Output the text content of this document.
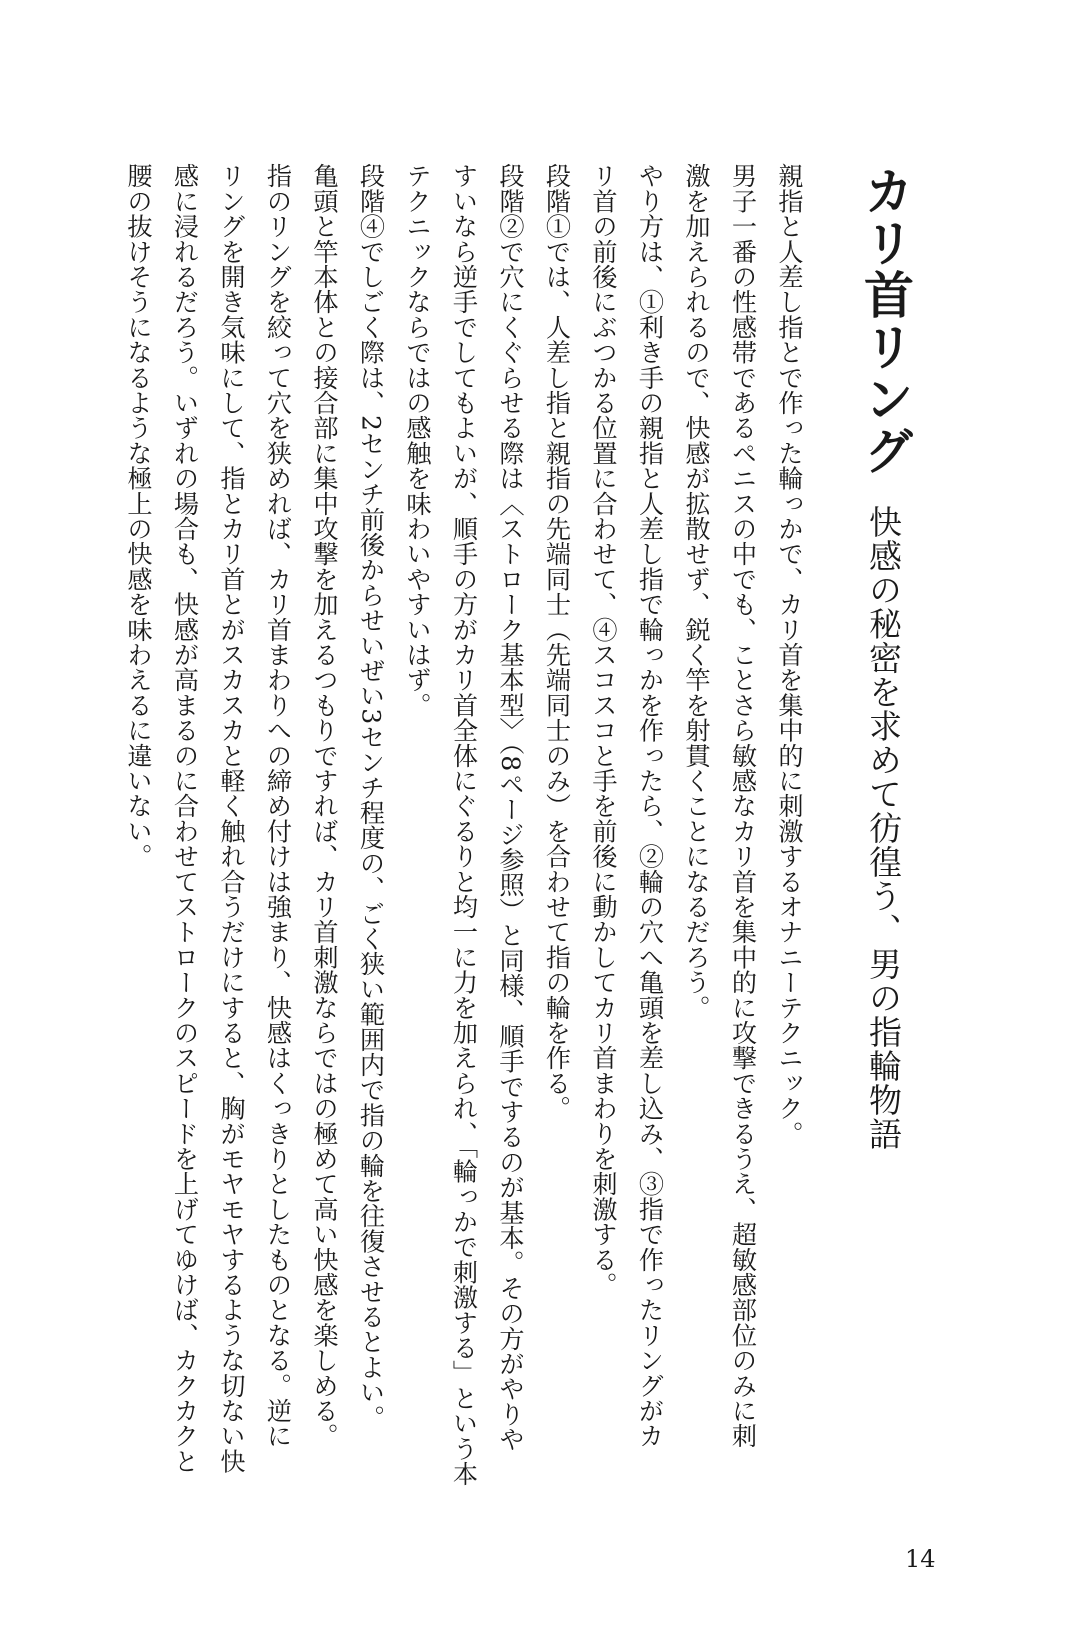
カリ首リング
快感の秘密を求めて彷徨う、男の指輪物語
親指と人差し指とで作った輪っかで、カリ首を集中的に刺激するオナニーテクニック。
男子一番の性感帯であるペニスの中でも、ことさら敏感なカリ首を集中的に攻撃できるうえ、超敏感部位のみに刺
激を加えられるので、快感が拡散せず、鋭く竿を射貫くことになるだろう。
やり方は、①利き手の親指と人差し指で輪っかを作ったら、②輪の穴へ亀頭を差し込み、③指で作ったリングがカ
リ首の前後にぶつかる位置に合わせて、④スコスコと手を前後に動かしてカリ首まわりを刺激する。
段階①では、人差し指と親指の先端同士（先端同士のみ）を合わせて指の輪を作る。
段階②で穴にくぐらせる際は〈ストローク基本型〉（8ページ参照）と同様、順手でするのが基本。その方がやりや
すいなら逆手でしてもよいが、順手の方がカリ首全体にぐるりと均一に力を加えられ、「輪っかで刺激する」という本
テクニックならではの感触を味わいやすいはず。
段階④でしごく際は、2センチ前後からせいぜい3センチ程度の、ごく狭い範囲内で指の輪を往復させるとよい。
亀頭と竿本体との接合部に集中攻撃を加えるつもりですれば、カリ首刺激ならではの極めて高い快感を楽しめる。
指のリングを絞って穴を狭めれば、カリ首まわりへの締め付けは強まり、快感はくっきりとしたものとなる。逆に
リングを開き気味にして、指とカリ首とがスカスカと軽く触れ合うだけにすると、胸がモヤモヤするような切ない快
感に浸れるだろう。いずれの場合も、快感が高まるのに合わせてストロークのスピードを上げてゆけば、カクカクと
腰の抜けそうになるような極上の快感を味わえるに違いない。
14
